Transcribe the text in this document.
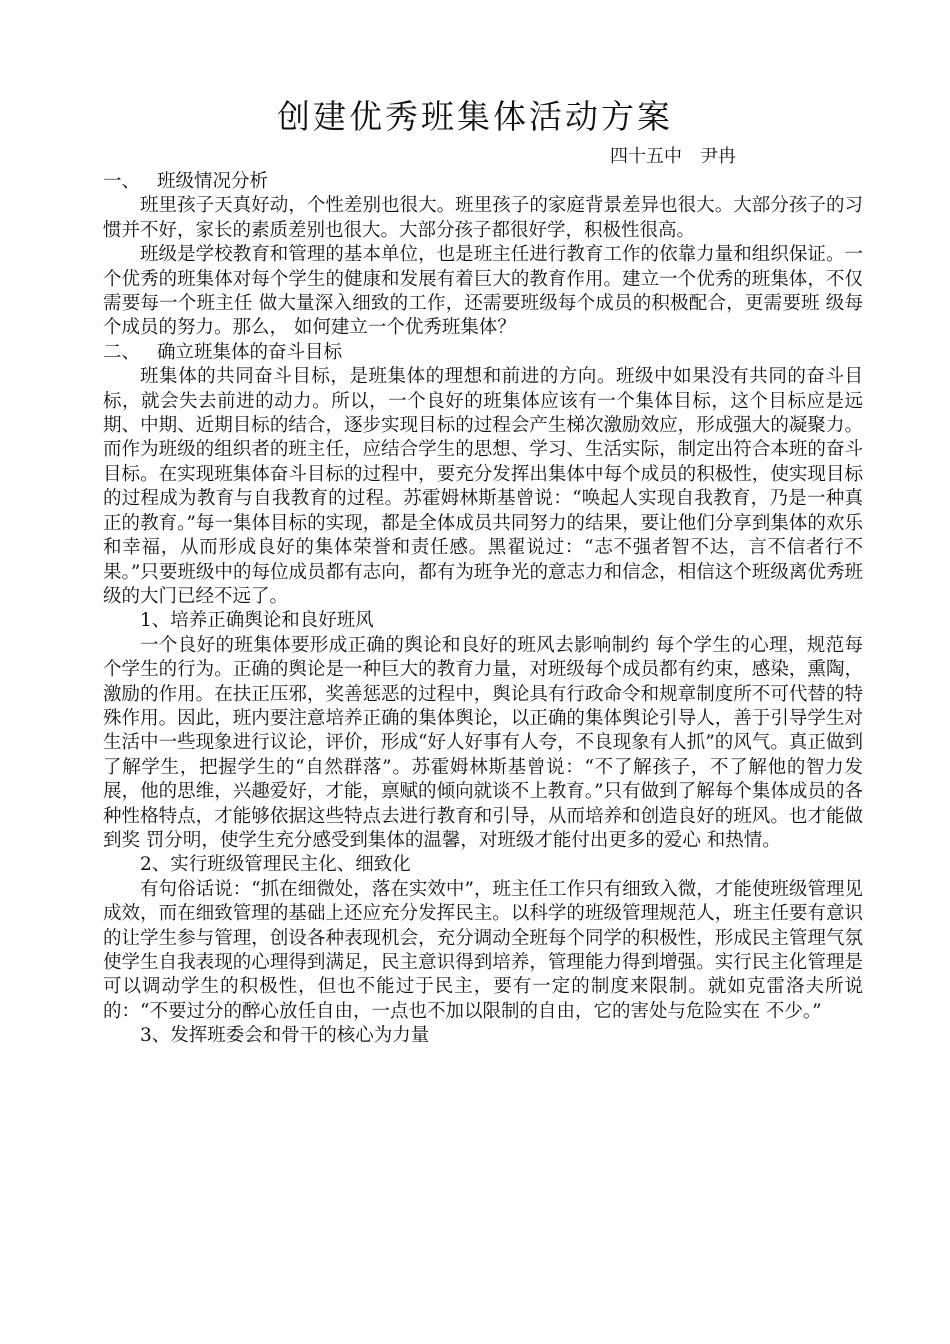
创建优秀班集体活动方案
四十五中 尹冉

一、 班级情况分析

班里孩子天真好动，个性差别也很大。班里孩子的家庭背景差异也很大。大部分孩子的习惯并不好，家长的素质差别也很大。大部分孩子都很好学，积极性很高。

班级是学校教育和管理的基本单位，也是班主任进行教育工作的依靠力量和组织保证。一个优秀的班集体对每个学生的健康和发展有着巨大的教育作用。建立一个优秀的班集体，不仅需要每一个班主任 做大量深入细致的工作，还需要班级每个成员的积极配合，更需要班 级每个成员的努力。那么， 如何建立一个优秀班集体？

二、 确立班集体的奋斗目标

班集体的共同奋斗目标，是班集体的理想和前进的方向。班级中如果没有共同的奋斗目标，就会失去前进的动力。所以，一个良好的班集体应该有一个集体目标，这个目标应是远期、中期、近期目标的结合，逐步实现目标的过程会产生梯次激励效应，形成强大的凝聚力。 而作为班级的组织者的班主任，应结合学生的思想、学习、生活实际，制定出符合本班的奋斗目标。在实现班集体奋斗目标的过程中，要充分发挥出集体中每个成员的积极性，使实现目标的过程成为教育与自我教育的过程。苏霍姆林斯基曾说：“唤起人实现自我教育，乃是一种真正的教育。”每一集体目标的实现，都是全体成员共同努力的结果，要让他们分享到集体的欢乐和幸福，从而形成良好的集体荣誉和责任感。黑翟说过：“志不强者智不达，言不信者行不果。”只要班级中的每位成员都有志向，都有为班争光的意志力和信念，相信这个班级离优秀班级的大门已经不远了。

1、培养正确舆论和良好班风

一个良好的班集体要形成正确的舆论和良好的班风去影响制约 每个学生的心理，规范每个学生的行为。正确的舆论是一种巨大的教育力量，对班级每个成员都有约束，感染，熏陶，激励的作用。在扶正压邪，奖善惩恶的过程中，舆论具有行政命令和规章制度所不可代替的特殊作用。因此，班内要注意培养正确的集体舆论，以正确的集体舆论引导人，善于引导学生对生活中一些现象进行议论，评价，形成“好人好事有人夸，不良现象有人抓”的风气。真正做到了解学生，把握学生的“自然群落”。苏霍姆林斯基曾说：“不了解孩子，不了解他的智力发展，他的思维，兴趣爱好，才能，禀赋的倾向就谈不上教育。”只有做到了解每个集体成员的各种性格特点，才能够依据这些特点去进行教育和引导，从而培养和创造良好的班风。也才能做到奖 罚分明，使学生充分感受到集体的温馨，对班级才能付出更多的爱心 和热情。

2、实行班级管理民主化、细致化

有句俗话说：“抓在细微处，落在实效中”，班主任工作只有细致入微，才能使班级管理见成效，而在细致管理的基础上还应充分发挥民主。以科学的班级管理规范人，班主任要有意识的让学生参与管理，创设各种表现机会，充分调动全班每个同学的积极性，形成民主管理气氛使学生自我表现的心理得到满足，民主意识得到培养，管理能力得到增强。实行民主化管理是可以调动学生的积极性，但也不能过于民主，要有一定的制度来限制。就如克雷洛夫所说的：“不要过分的醉心放任自由，一点也不加以限制的自由，它的害处与危险实在 不少。”

3、发挥班委会和骨干的核心为力量
